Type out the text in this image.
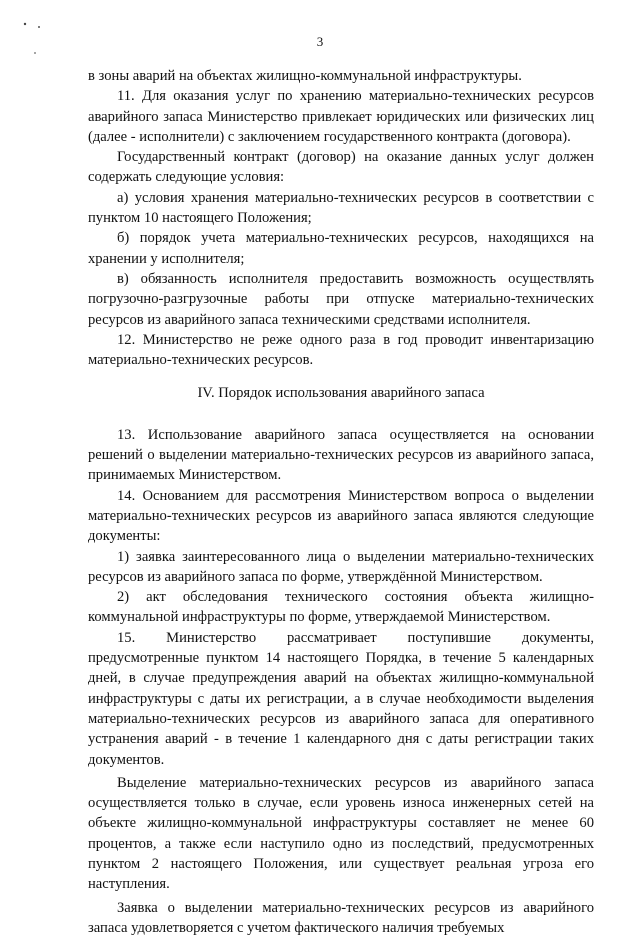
3

в зоны аварий на объектах жилищно-коммунальной инфраструктуры.

11. Для оказания услуг по хранению материально-технических ресурсов аварийного запаса Министерство привлекает юридических или физических лиц (далее - исполнители) с заключением государственного контракта (договора).

Государственный контракт (договор) на оказание данных услуг должен содержать следующие условия:

а) условия хранения материально-технических ресурсов в соответствии с пунктом 10 настоящего Положения;

б) порядок учета материально-технических ресурсов, находящихся на хранении у исполнителя;

в) обязанность исполнителя предоставить возможность осуществлять погрузочно-разгрузочные работы при отпуске материально-технических ресурсов из аварийного запаса техническими средствами исполнителя.

12. Министерство не реже одного раза в год проводит инвентаризацию материально-технических ресурсов.

IV. Порядок использования аварийного запаса

13. Использование аварийного запаса осуществляется на основании решений о выделении материально-технических ресурсов из аварийного запаса, принимаемых Министерством.

14. Основанием для рассмотрения Министерством вопроса о выделении материально-технических ресурсов из аварийного запаса являются следующие документы:

1) заявка заинтересованного лица о выделении материально-технических ресурсов из аварийного запаса по форме, утверждённой Министерством.

2) акт обследования технического состояния объекта жилищно-коммунальной инфраструктуры по форме, утверждаемой Министерством.

15. Министерство рассматривает поступившие документы, предусмотренные пунктом 14 настоящего Порядка, в течение 5 календарных дней, в случае предупреждения аварий на объектах жилищно-коммунальной инфраструктуры с даты их регистрации, а в случае необходимости выделения материально-технических ресурсов из аварийного запаса для оперативного устранения аварий - в течение 1 календарного дня с даты регистрации таких документов.

Выделение материально-технических ресурсов из аварийного запаса осуществляется только в случае, если уровень износа инженерных сетей на объекте жилищно-коммунальной инфраструктуры составляет не менее 60 процентов, а также если наступило одно из последствий, предусмотренных пунктом 2 настоящего Положения, или существует реальная угроза его наступления.

Заявка о выделении материально-технических ресурсов из аварийного запаса удовлетворяется с учетом фактического наличия требуемых
